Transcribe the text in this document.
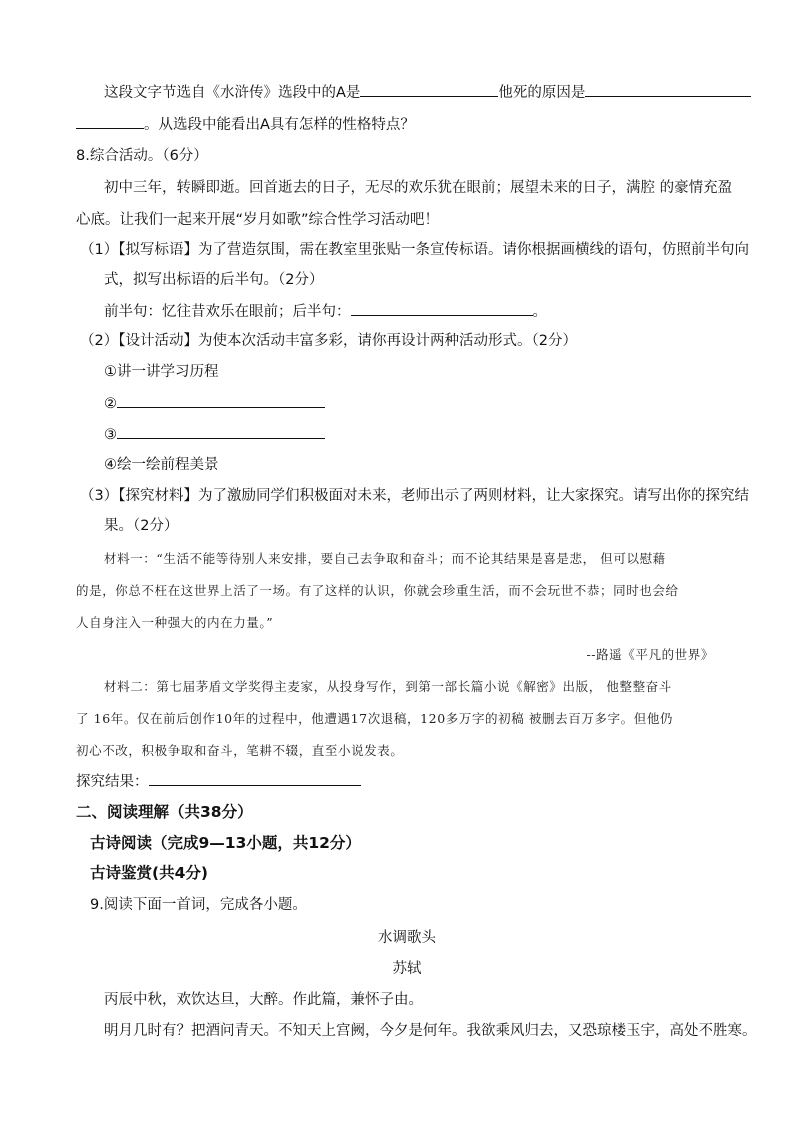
这段文字节选自《水浒传》选段中的A是	他死的原因是
。从选段中能看出A具有怎样的性格特点？
8.综合活动。（6分）
初中三年，转瞬即逝。回首逝去的日子，无尽的欢乐犹在眼前；展望未来的日子，满腔 的豪情充盈
心底。让我们一起来开展“岁月如歌”综合性学习活动吧！
（1）【拟写标语】为了营造氛围，需在教室里张贴一条宣传标语。请你根据画横线的语句，仿照前半句向
式，拟写出标语的后半句。（2分）
前半句：忆往昔欢乐在眼前；后半句：	。
（2）【设计活动】为使本次活动丰富多彩，请你再设计两种活动形式。（2分）
①讲一讲学习历程
②
③
④绘一绘前程美景
（3）【探究材料】为了激励同学们积极面对未来，老师出示了两则材料，让大家探究。请写出你的探究结
果。（2分）
材料一：“生活不能等待别人来安排，要自己去争取和奋斗；而不论其结果是喜是悲， 但可以慰藉
的是，你总不枉在这世界上活了一场。有了这样的认识，你就会珍重生活，而不会玩世不恭；同时也会给
人自身注入一种强大的内在力量。”
--路遥《平凡的世界》
材料二：第七届茅盾文学奖得主麦家，从投身写作，到第一部长篇小说《解密》出版， 他整整奋斗
了 16年。仅在前后创作10年的过程中，他遭遇17次退稿，120多万字的初稿 被删去百万多字。但他仍
初心不改，积极争取和奋斗，笔耕不辍，直至小说发表。
探究结果：
二、阅读理解（共38分）
古诗阅读（完成9—13小题，共12分）
古诗鉴赏(共4分)
9.阅读下面一首词，完成各小题。
水调歌头
苏轼
丙辰中秋，欢饮达旦，大醉。作此篇，兼怀子由。
明月几时有？把酒问青天。不知天上宫阙，今夕是何年。我欲乘风归去，又恐琼楼玉宇，高处不胜寒。
